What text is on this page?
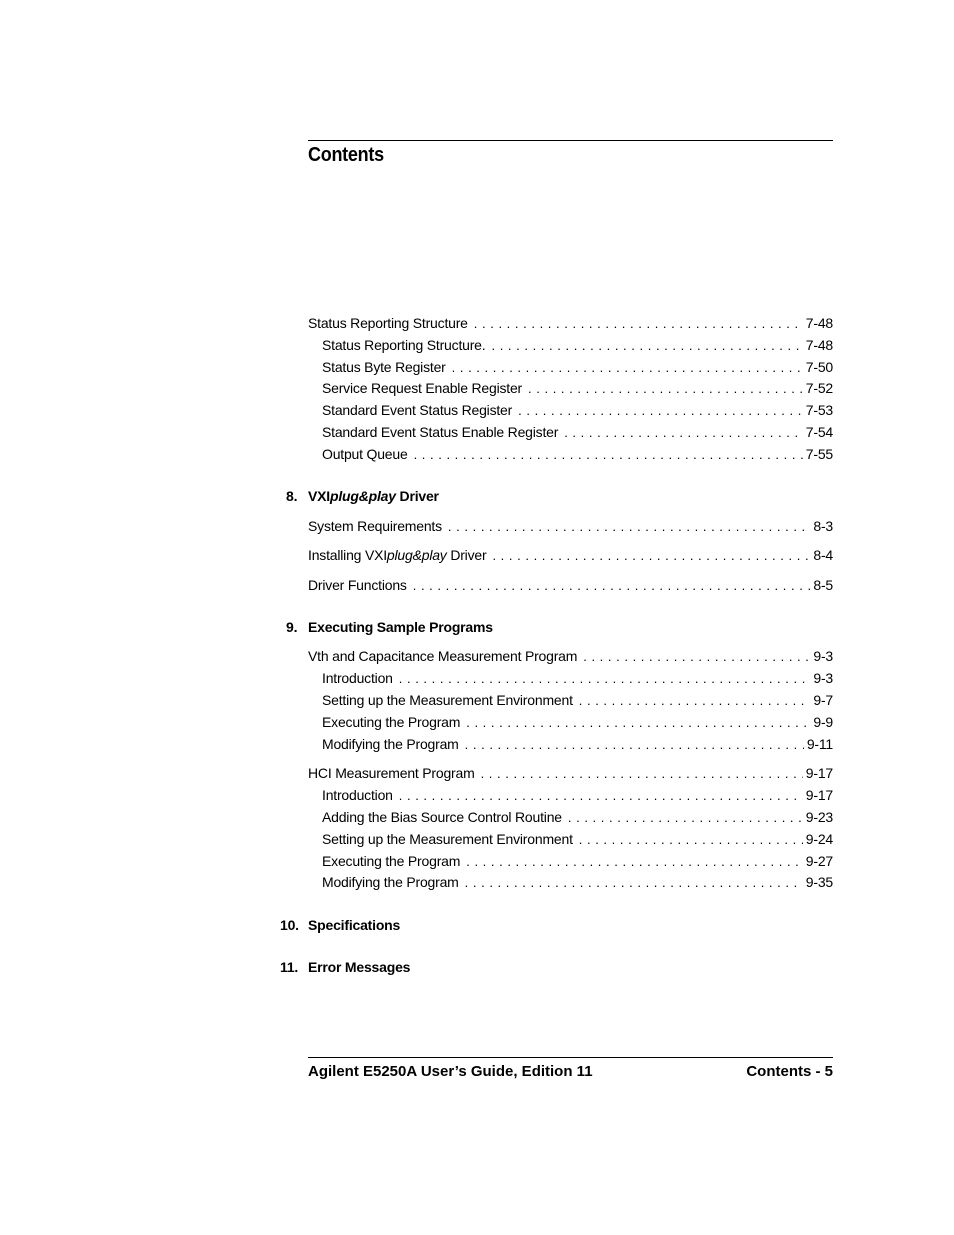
Contents
Status Reporting Structure . . .	7-48
Status Reporting Structure. . . .	7-48
Status Byte Register . . .	7-50
Service Request Enable Register . . .	7-52
Standard Event Status Register . . .	7-53
Standard Event Status Enable Register . . .	7-54
Output Queue . . .	7-55
8. VXIplug&play Driver
System Requirements . . .	8-3
Installing VXIplug&play Driver . . .	8-4
Driver Functions . . .	8-5
9. Executing Sample Programs
Vth and Capacitance Measurement Program . . .	9-3
Introduction . . .	9-3
Setting up the Measurement Environment . . .	9-7
Executing the Program . . .	9-9
Modifying the Program . . .	9-11
HCI Measurement Program . . .	9-17
Introduction . . .	9-17
Adding the Bias Source Control Routine . . .	9-23
Setting up the Measurement Environment . . .	9-24
Executing the Program . . .	9-27
Modifying the Program . . .	9-35
10. Specifications
11. Error Messages
Agilent E5250A User’s Guide, Edition 11	Contents - 5
